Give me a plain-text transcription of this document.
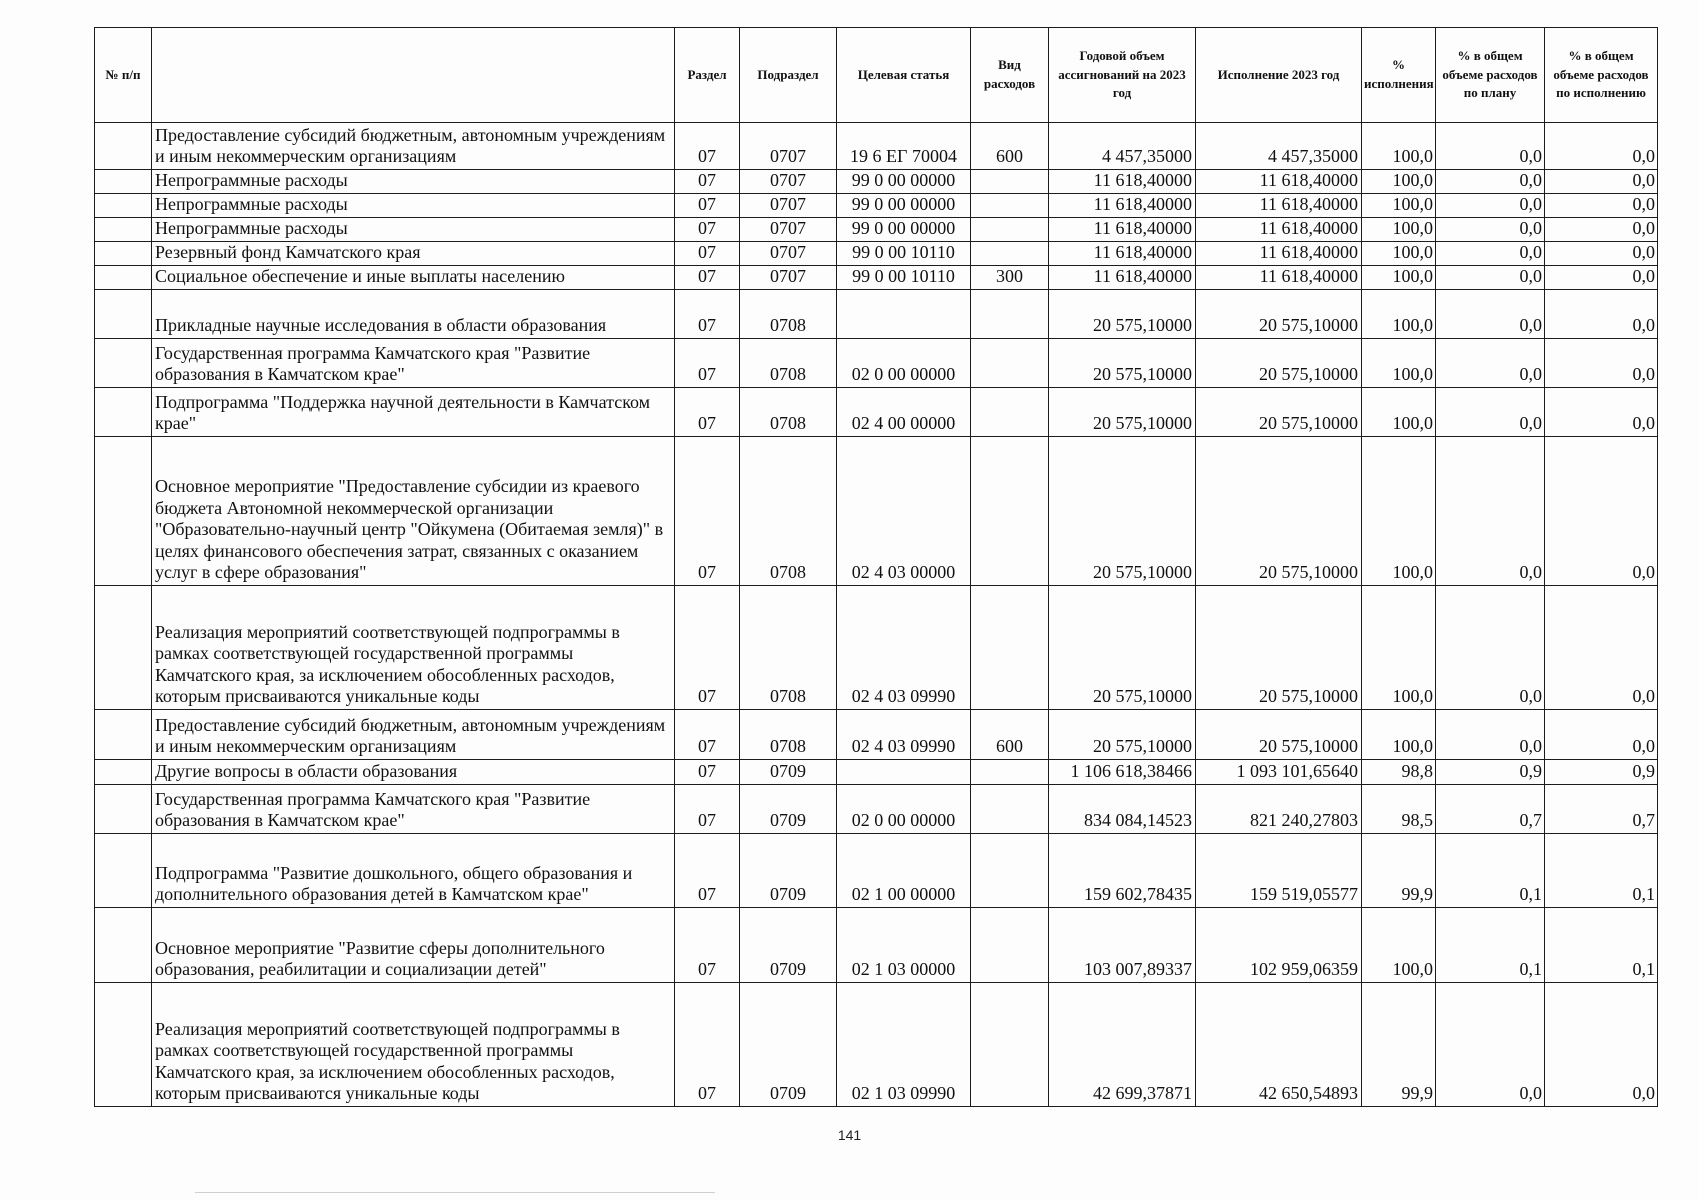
№ п/п		Раздел	Подраздел	Целевая статья	Вид расходов	Годовой объем ассигнований на 2023 год	Исполнение 2023 год	% исполнения	% в общем объеме расходов по плану	% в общем объеме расходов по исполнению
	Предоставление субсидий бюджетным, автономным учреждениям и иным некоммерческим организациям	07	0707	19 6 ЕГ 70004	600	4 457,35000	4 457,35000	100,0	0,0	0,0
	Непрограммные расходы	07	0707	99 0 00 00000		11 618,40000	11 618,40000	100,0	0,0	0,0
	Непрограммные расходы	07	0707	99 0 00 00000		11 618,40000	11 618,40000	100,0	0,0	0,0
	Непрограммные расходы	07	0707	99 0 00 00000		11 618,40000	11 618,40000	100,0	0,0	0,0
	Резервный фонд Камчатского края	07	0707	99 0 00 10110		11 618,40000	11 618,40000	100,0	0,0	0,0
	Социальное обеспечение и иные выплаты населению	07	0707	99 0 00 10110	300	11 618,40000	11 618,40000	100,0	0,0	0,0
	Прикладные научные исследования в области образования	07	0708			20 575,10000	20 575,10000	100,0	0,0	0,0
	Государственная программа Камчатского края "Развитие образования в Камчатском крае"	07	0708	02 0 00 00000		20 575,10000	20 575,10000	100,0	0,0	0,0
	Подпрограмма "Поддержка научной деятельности в Камчатском крае"	07	0708	02 4 00 00000		20 575,10000	20 575,10000	100,0	0,0	0,0
	Основное мероприятие "Предоставление субсидии из краевого бюджета Автономной некоммерческой организации "Образовательно-научный центр "Ойкумена (Обитаемая земля)" в целях финансового обеспечения затрат, связанных с оказанием услуг в сфере образования"	07	0708	02 4 03 00000		20 575,10000	20 575,10000	100,0	0,0	0,0
	Реализация мероприятий соответствующей подпрограммы в рамках соответствующей государственной программы Камчатского края, за исключением обособленных расходов, которым присваиваются уникальные коды	07	0708	02 4 03 09990		20 575,10000	20 575,10000	100,0	0,0	0,0
	Предоставление субсидий бюджетным, автономным учреждениям и иным некоммерческим организациям	07	0708	02 4 03 09990	600	20 575,10000	20 575,10000	100,0	0,0	0,0
	Другие вопросы в области образования	07	0709			1 106 618,38466	1 093 101,65640	98,8	0,9	0,9
	Государственная программа Камчатского края "Развитие образования в Камчатском крае"	07	0709	02 0 00 00000		834 084,14523	821 240,27803	98,5	0,7	0,7
	Подпрограмма "Развитие дошкольного, общего образования и дополнительного образования детей в Камчатском крае"	07	0709	02 1 00 00000		159 602,78435	159 519,05577	99,9	0,1	0,1
	Основное мероприятие "Развитие сферы дополнительного образования, реабилитации и социализации детей"	07	0709	02 1 03 00000		103 007,89337	102 959,06359	100,0	0,1	0,1
	Реализация мероприятий соответствующей подпрограммы в рамках соответствующей государственной программы Камчатского края, за исключением обособленных расходов, которым присваиваются уникальные коды	07	0709	02 1 03 09990		42 699,37871	42 650,54893	99,9	0,0	0,0
141
